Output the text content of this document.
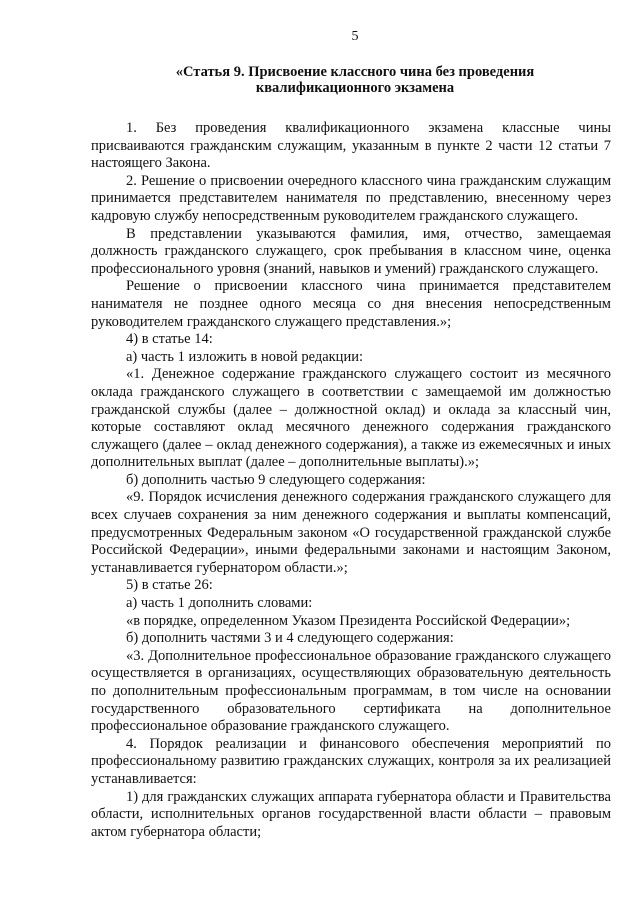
5
«Статья 9. Присвоение классного чина без проведения
квалификационного экзамена

1. Без проведения квалификационного экзамена классные чины присваиваются гражданским служащим, указанным в пункте 2 части 12 статьи 7 настоящего Закона.

2. Решение о присвоении очередного классного чина гражданским служащим принимается представителем нанимателя по представлению, внесенному через кадровую службу непосредственным руководителем гражданского служащего.

В представлении указываются фамилия, имя, отчество, замещаемая должность гражданского служащего, срок пребывания в классном чине, оценка профессионального уровня (знаний, навыков и умений) гражданского служащего.

Решение о присвоении классного чина принимается представителем нанимателя не позднее одного месяца со дня внесения непосредственным руководителем гражданского служащего представления.»;

4) в статье 14:

а) часть 1 изложить в новой редакции:

«1. Денежное содержание гражданского служащего состоит из месячного оклада гражданского служащего в соответствии с замещаемой им должностью гражданской службы (далее – должностной оклад) и оклада за классный чин, которые составляют оклад месячного денежного содержания гражданского служащего (далее – оклад денежного содержания), а также из ежемесячных и иных дополнительных выплат (далее – дополнительные выплаты).»;

б) дополнить частью 9 следующего содержания:

«9. Порядок исчисления денежного содержания гражданского служащего для всех случаев сохранения за ним денежного содержания и выплаты компенсаций, предусмотренных Федеральным законом «О государственной гражданской службе Российской Федерации», иными федеральными законами и настоящим Законом, устанавливается губернатором области.»;

5) в статье 26:

а) часть 1 дополнить словами:

«в порядке, определенном Указом Президента Российской Федерации»;

б) дополнить частями 3 и 4 следующего содержания:

«3. Дополнительное профессиональное образование гражданского служащего осуществляется в организациях, осуществляющих образовательную деятельность по дополнительным профессиональным программам, в том числе на основании государственного образовательного сертификата на дополнительное профессиональное образование гражданского служащего.

4. Порядок реализации и финансового обеспечения мероприятий по профессиональному развитию гражданских служащих, контроля за их реализацией устанавливается:

1) для гражданских служащих аппарата губернатора области и Правительства области, исполнительных органов государственной власти области – правовым актом губернатора области;
